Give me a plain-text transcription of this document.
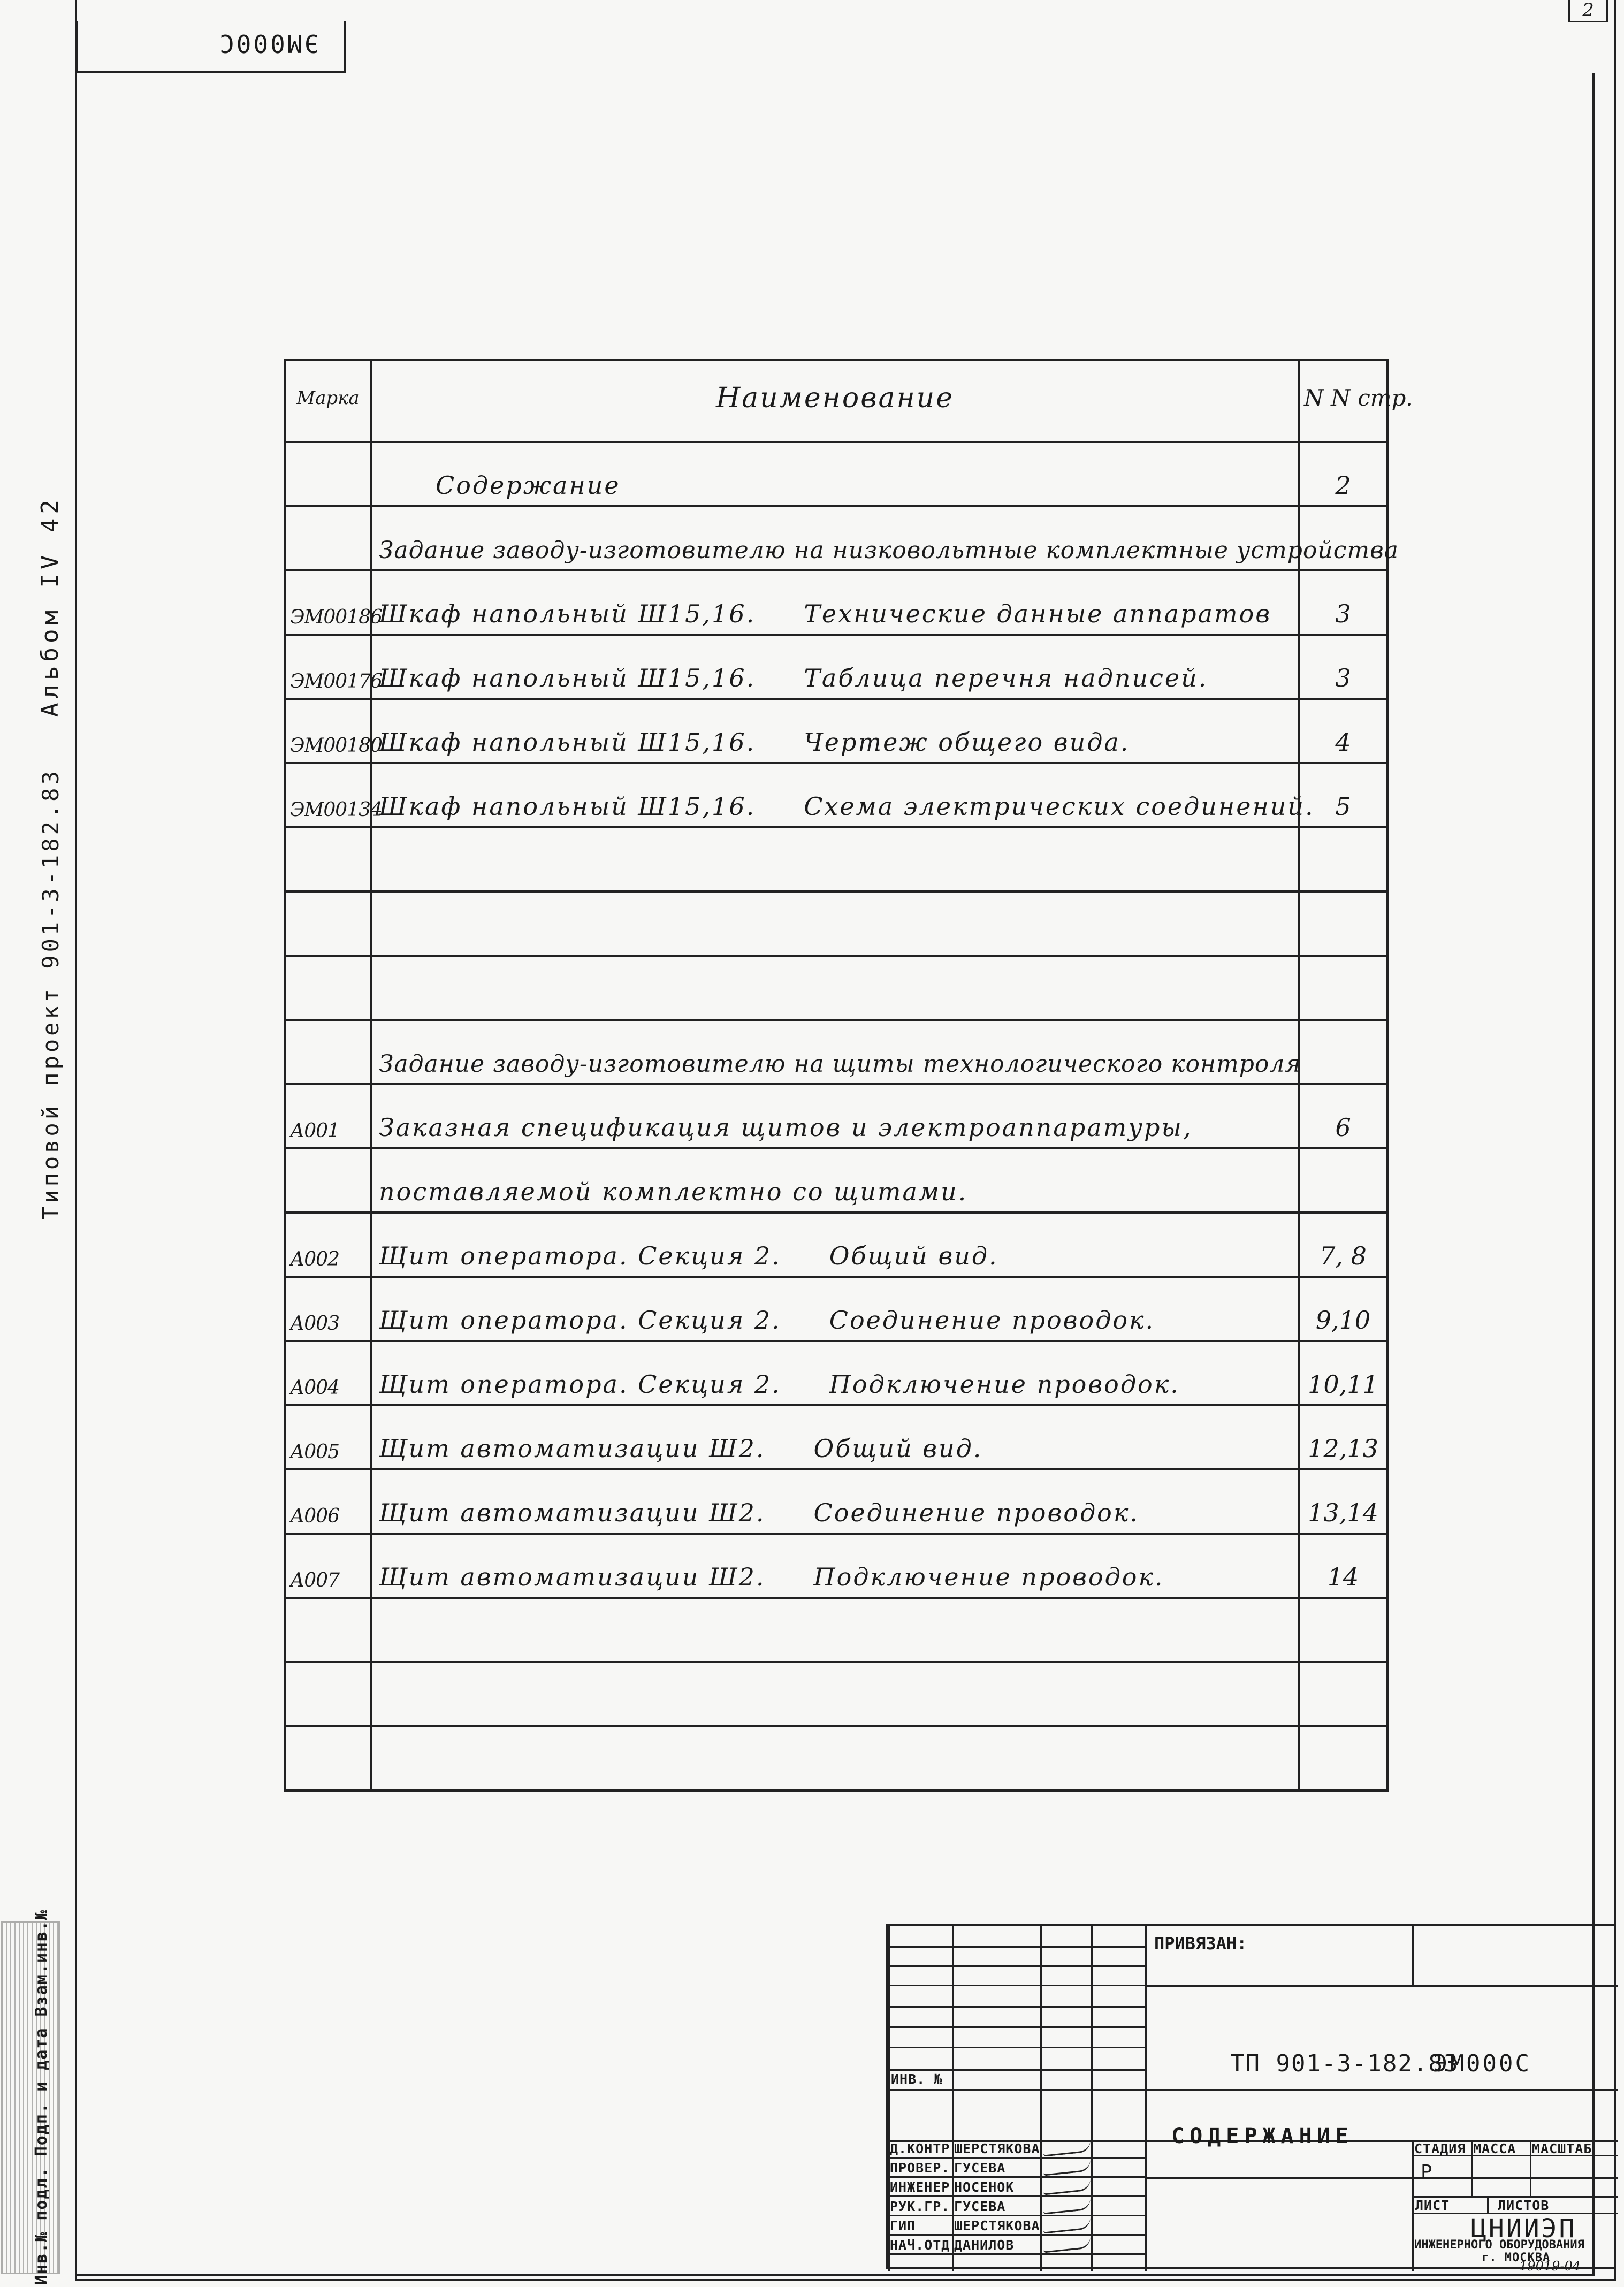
ЭМ000С
2
Альбом IV 42
Типовой проект 901-3-182.83
Инв.№ подл. Подп. и дата Взам.инв.№
Марка	Наименование	N N стр.
	Содержание	2
	Задание заводу-изготовителю на низковольтные комплектные устройства	
ЭМ00186	Шкаф напольный Ш15,16. Технические данные аппаратов	3
ЭМ00176	Шкаф напольный Ш15,16. Таблица перечня надписей.	3
ЭМ00180	Шкаф напольный Ш15,16. Чертеж общего вида.	4
ЭМ00134	Шкаф напольный Ш15,16. Схема электрических соединений.	5

	Задание заводу-изготовителю на щиты технологического контроля	
А001	Заказная спецификация щитов и электроаппаратуры,	6
	поставляемой комплектно со щитами.	
А002	Щит оператора. Секция 2. Общий вид.	7, 8
А003	Щит оператора. Секция 2. Соединение проводок.	9,10
А004	Щит оператора. Секция 2. Подключение проводок.	10,11
А005	Щит автоматизации Ш2. Общий вид.	12,13
А006	Щит автоматизации Ш2. Соединение проводок.	13,14
А007	Щит автоматизации Ш2. Подключение проводок.	14

ПРИВЯЗАН:
ИНВ. №
ТП 901-3-182.83
ЭМ000С
СОДЕРЖАНИЕ
СТАДИЯ МАССА МАСШТАБ
Р
ЛИСТ	ЛИСТОВ
ЦНИИЭП
ИНЖЕНЕРНОГО ОБОРУДОВАНИЯ
г. МОСКВА
19019-04
Д.КОНТР ШЕРСТЯКОВА
ПРОВЕР. ГУСЕВА
ИНЖЕНЕР НОСЕНОК
РУК.ГР. ГУСЕВА
ГИП	ШЕРСТЯКОВА
НАЧ.ОТД ДАНИЛОВ
